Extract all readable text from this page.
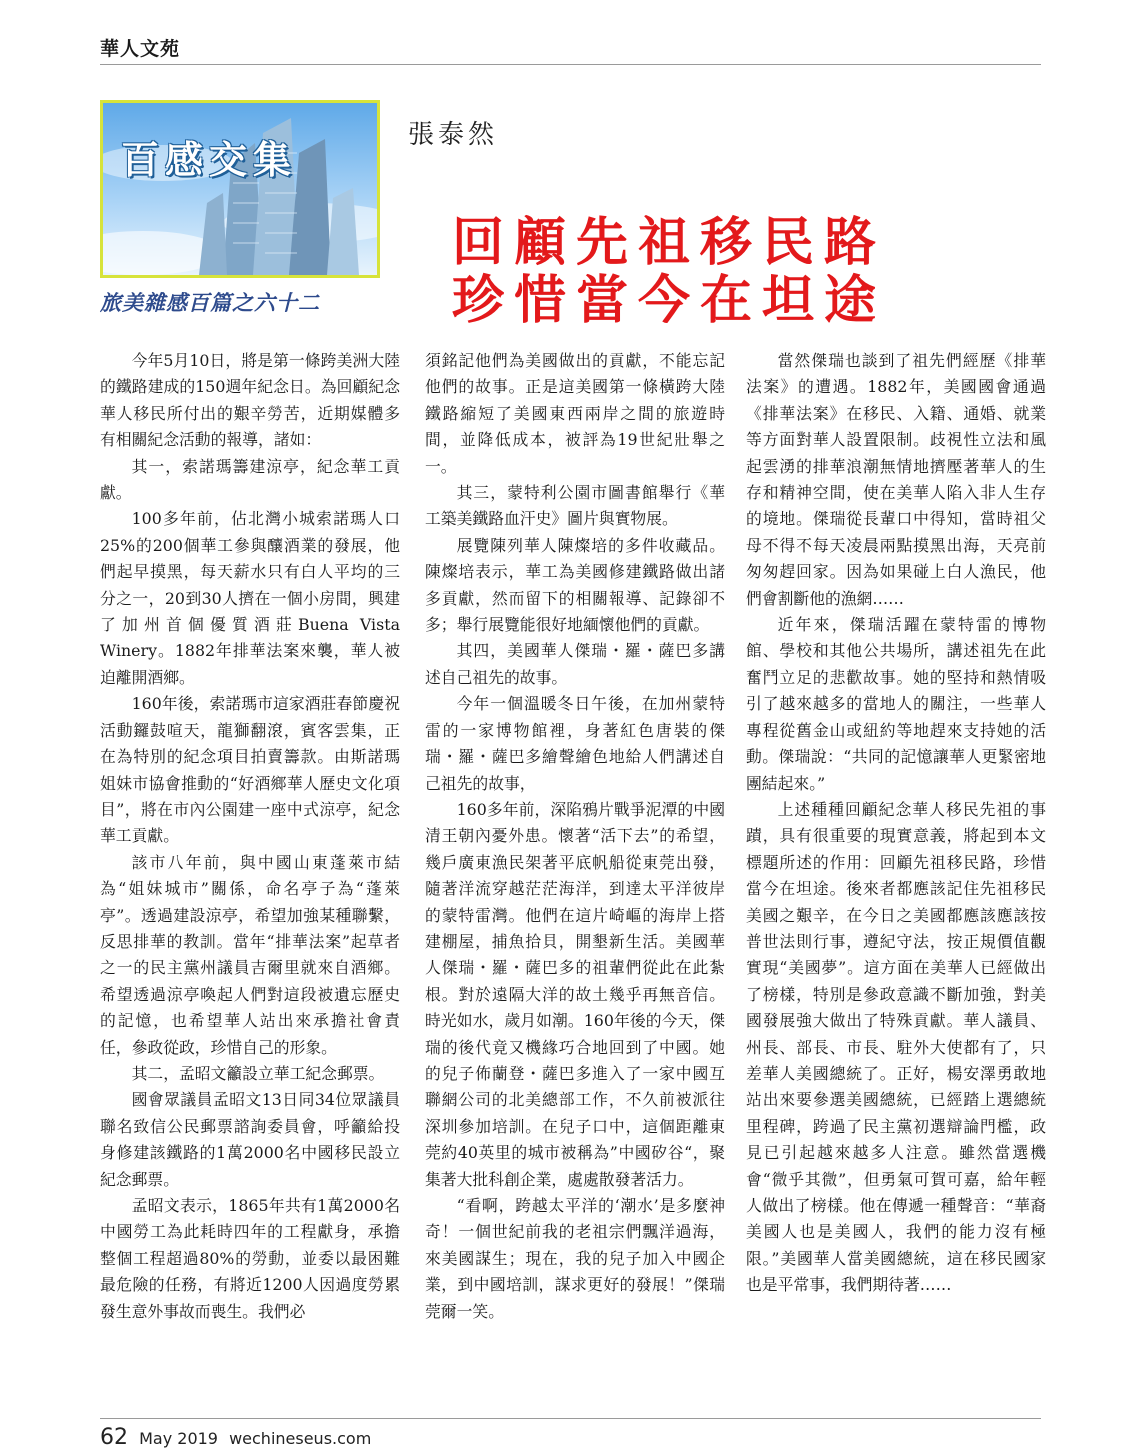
華人文苑
百感交集
旅美雜感百篇之六十二
張泰然
回顧先祖移民路
珍惜當今在坦途

今年5月10日，將是第一條跨美洲大陸的鐵路建成的150週年紀念日。為回顧紀念華人移民所付出的艱辛勞苦，近期媒體多有相關紀念活動的報導，諸如：

其一，索諾瑪籌建涼亭，紀念華工貢獻。

100多年前，佔北灣小城索諾瑪人口25%的200個華工參與釀酒業的發展，他們起早摸黑，每天薪水只有白人平均的三分之一，20到30人擠在一個小房間，興建了加州首個優質酒莊Buena Vista Winery。1882年排華法案來襲，華人被迫離開酒鄉。

160年後，索諾瑪市這家酒莊春節慶祝活動鑼鼓喧天，龍獅翻滾，賓客雲集，正在為特別的紀念項目拍賣籌款。由斯諾瑪姐妹市協會推動的“好酒鄉華人歷史文化項目”，將在市內公園建一座中式涼亭，紀念華工貢獻。

該市八年前，與中國山東蓬萊市結為“姐妹城市”關係，命名亭子為“蓬萊亭”。透過建設涼亭，希望加強某種聯繫，反思排華的教訓。當年“排華法案”起草者之一的民主黨州議員吉爾里就來自酒鄉。希望透過涼亭喚起人們對這段被遺忘歷史的記憶，也希望華人站出來承擔社會責任，參政從政，珍惜自己的形象。

其二，孟昭文籲設立華工紀念郵票。

國會眾議員孟昭文13日同34位眾議員聯名致信公民郵票諮詢委員會，呼籲給投身修建該鐵路的1萬2000名中國移民設立紀念郵票。

孟昭文表示，1865年共有1萬2000名中國勞工為此耗時四年的工程獻身，承擔整個工程超過80%的勞動，並委以最困難最危險的任務，有將近1200人因過度勞累發生意外事故而喪生。我們必

須銘記他們為美國做出的貢獻，不能忘記他們的故事。正是這美國第一條橫跨大陸鐵路縮短了美國東西兩岸之間的旅遊時間，並降低成本，被評為19世紀壯舉之一。

其三，蒙特利公園市圖書館舉行《華工築美鐵路血汗史》圖片與實物展。

展覽陳列華人陳燦培的多件收藏品。陳燦培表示，華工為美國修建鐵路做出諸多貢獻，然而留下的相關報導、記錄卻不多；舉行展覽能很好地緬懷他們的貢獻。

其四，美國華人傑瑞・羅・薩巴多講述自己祖先的故事。

今年一個溫暖冬日午後，在加州蒙特雷的一家博物館裡，身著紅色唐裝的傑瑞・羅・薩巴多繪聲繪色地給人們講述自己祖先的故事，

160多年前，深陷鴉片戰爭泥潭的中國清王朝內憂外患。懷著“活下去”的希望，幾戶廣東漁民架著平底帆船從東莞出發，隨著洋流穿越茫茫海洋，到達太平洋彼岸的蒙特雷灣。他們在這片崎嶇的海岸上搭建棚屋，捕魚拾貝，開墾新生活。美國華人傑瑞・羅・薩巴多的祖輩們從此在此紮根。對於遠隔大洋的故土幾乎再無音信。時光如水，歲月如潮。160年後的今天，傑瑞的後代竟又機緣巧合地回到了中國。她的兒子佈蘭登・薩巴多進入了一家中國互聯網公司的北美總部工作，不久前被派往深圳參加培訓。在兒子口中，這個距離東莞約40英里的城市被稱為”中國矽谷“，聚集著大批科創企業，處處散發著活力。

“看啊，跨越太平洋的‘潮水’是多麼神奇！一個世紀前我的老祖宗們飄洋過海，來美國謀生；現在，我的兒子加入中國企業，到中國培訓，謀求更好的發展！”傑瑞莞爾一笑。

當然傑瑞也談到了祖先們經歷《排華法案》的遭遇。1882年，美國國會通過《排華法案》在移民、入籍、通婚、就業等方面對華人設置限制。歧視性立法和風起雲湧的排華浪潮無情地擠壓著華人的生存和精神空間，使在美華人陷入非人生存的境地。傑瑞從長輩口中得知，當時祖父母不得不每天凌晨兩點摸黑出海，天亮前匆匆趕回家。因為如果碰上白人漁民，他們會割斷他的漁網……

近年來，傑瑞活躍在蒙特雷的博物館、學校和其他公共場所，講述祖先在此奮鬥立足的悲歡故事。她的堅持和熱情吸引了越來越多的當地人的關注，一些華人專程從舊金山或紐約等地趕來支持她的活動。傑瑞說：“共同的記憶讓華人更緊密地團結起來。”

上述種種回顧紀念華人移民先祖的事蹟，具有很重要的現實意義，將起到本文標題所述的作用：回顧先祖移民路，珍惜當今在坦途。後來者都應該記住先祖移民美國之艱辛，在今日之美國都應該應該按普世法則行事，遵紀守法，按正規價值觀實現“美國夢”。這方面在美華人已經做出了榜樣，特別是參政意識不斷加強，對美國發展強大做出了特殊貢獻。華人議員、州長、部長、市長、駐外大使都有了，只差華人美國總統了。正好，楊安澤勇敢地站出來要參選美國總統，已經踏上選總統里程碑，跨過了民主黨初選辯論門檻，政見已引起越來越多人注意。雖然當選機會“微乎其微”，但勇氣可賀可嘉，給年輕人做出了榜樣。他在傳遞一種聲音：“華裔美國人也是美國人，我們的能力沒有極限。”美國華人當美國總統，這在移民國家也是平常事，我們期待著……

62 May 2019 wechineseus.com
